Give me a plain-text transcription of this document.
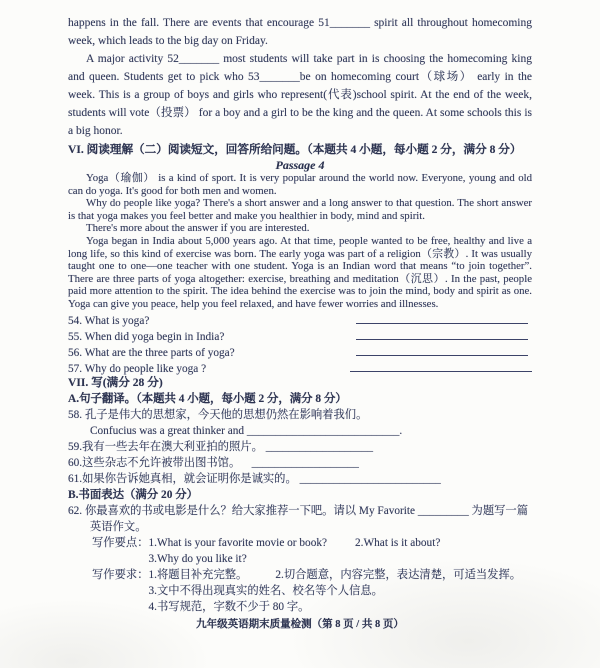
happens in the fall. There are events that encourage 51_______ spirit all throughout homecoming week, which leads to the big day on Friday.

A major activity 52_______ most students will take part in is choosing the homecoming king and queen. Students get to pick who 53_______be on homecoming court（球场） early in the week. This is a group of boys and girls who represent(代表)school spirit. At the end of the week, students will vote（投票） for a boy and a girl to be the king and the queen. At some schools this is a big honor.

VI. 阅读理解（二）阅读短文，回答所给问题。（本题共 4 小题，每小题 2 分，满分 8 分）
Passage 4

Yoga（瑜伽） is a kind of sport. It is very popular around the world now. Everyone, young and old can do yoga. It's good for both men and women.

Why do people like yoga? There's a short answer and a long answer to that question. The short answer is that yoga makes you feel better and make you healthier in body, mind and spirit.

There's more about the answer if you are interested.

Yoga began in India about 5,000 years ago. At that time, people wanted to be free, healthy and live a long life, so this kind of exercise was born. The early yoga was part of a religion（宗教）. It was usually taught one to one—one teacher with one student. Yoga is an Indian word that means “to join together”. There are three parts of yoga altogether: exercise, breathing and meditation（沉思）. In the past, people paid more attention to the spirit. The idea behind the exercise was to join the mind, body and spirit as one. Yoga can give you peace, help you feel relaxed, and have fewer worries and illnesses.

54. What is yoga?
55. When did yoga begin in India?
56. What are the three parts of yoga?
57. Why do people like yoga ?
VII. 写(满分 28 分)
A.句子翻译。（本题共 4 小题，每小题 2 分，满分 8 分）

58. 孔子是伟大的思想家，今天他的思想仍然在影响着我们。

Confucius was a great thinker and ___________________________.

59.我有一些去年在澳大利亚拍的照片。 ___________________

60.这些杂志不允许被带出图书馆。    ___________________

61.如果你告诉她真相，就会证明你是诚实的。 _________________________

B.书面表达（满分 20 分）

62. 你最喜欢的书或电影是什么？给大家推荐一下吧。请以 My Favorite _________ 为题写一篇英语作文。

写作要点： 1.What is your favorite movie or book? 2.What is it about?
3.Why do you like it?
写作要求： 1.将题目补充完整。 2.切合题意，内容完整，表达清楚，可适当发挥。
3.文中不得出现真实的姓名、校名等个人信息。
4.书写规范，字数不少于 80 字。
九年级英语期末质量检测（第 8 页 / 共 8 页）
